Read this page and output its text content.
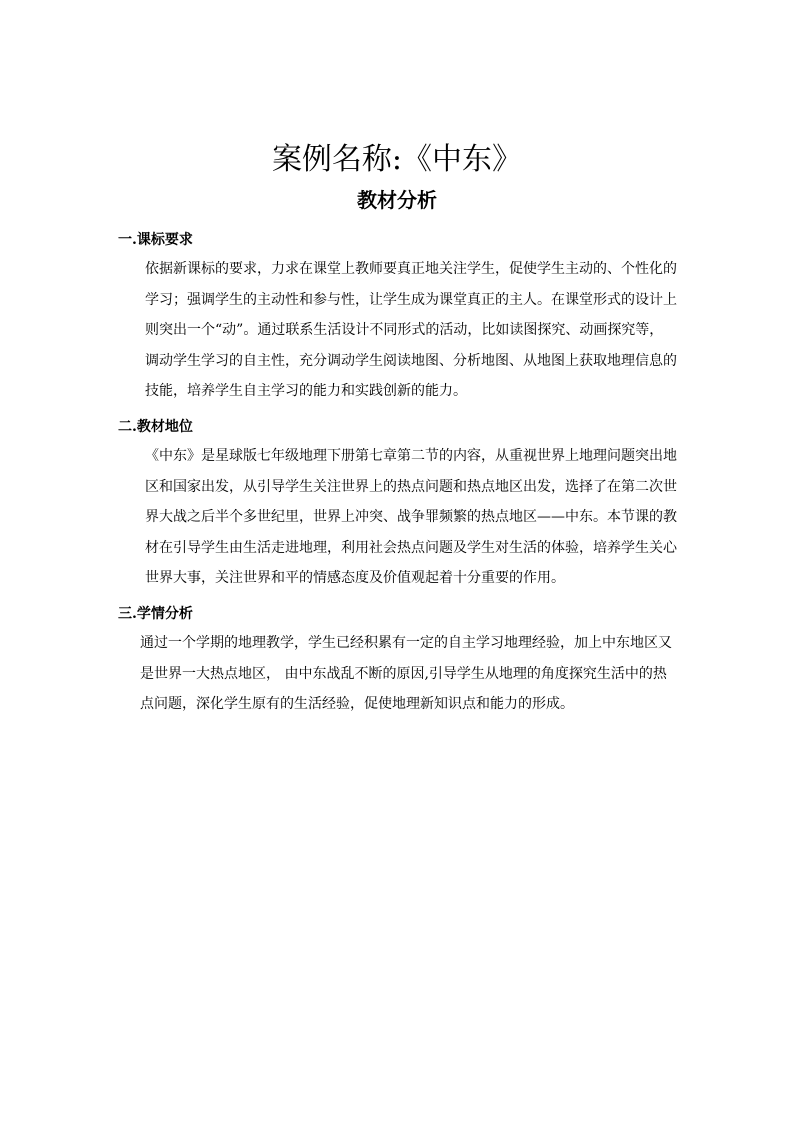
案例名称:《中东》
教材分析
一.课标要求
依据新课标的要求，力求在课堂上教师要真正地关注学生，促使学生主动的、个性化的
学习；强调学生的主动性和参与性，让学生成为课堂真正的主人。在课堂形式的设计上
则突出一个“动”。通过联系生活设计不同形式的活动，比如读图探究、动画探究等，
调动学生学习的自主性，充分调动学生阅读地图、分析地图、从地图上获取地理信息的
技能，培养学生自主学习的能力和实践创新的能力。
二.教材地位
《中东》是星球版七年级地理下册第七章第二节的内容，从重视世界上地理问题突出地
区和国家出发，从引导学生关注世界上的热点问题和热点地区出发，选择了在第二次世
界大战之后半个多世纪里，世界上冲突、战争罪频繁的热点地区——中东。本节课的教
材在引导学生由生活走进地理，利用社会热点问题及学生对生活的体验，培养学生关心
世界大事，关注世界和平的情感态度及价值观起着十分重要的作用。
三.学情分析
通过一个学期的地理教学，学生已经积累有一定的自主学习地理经验，加上中东地区又
是世界一大热点地区， 由中东战乱不断的原因,引导学生从地理的角度探究生活中的热
点问题，深化学生原有的生活经验，促使地理新知识点和能力的形成。
